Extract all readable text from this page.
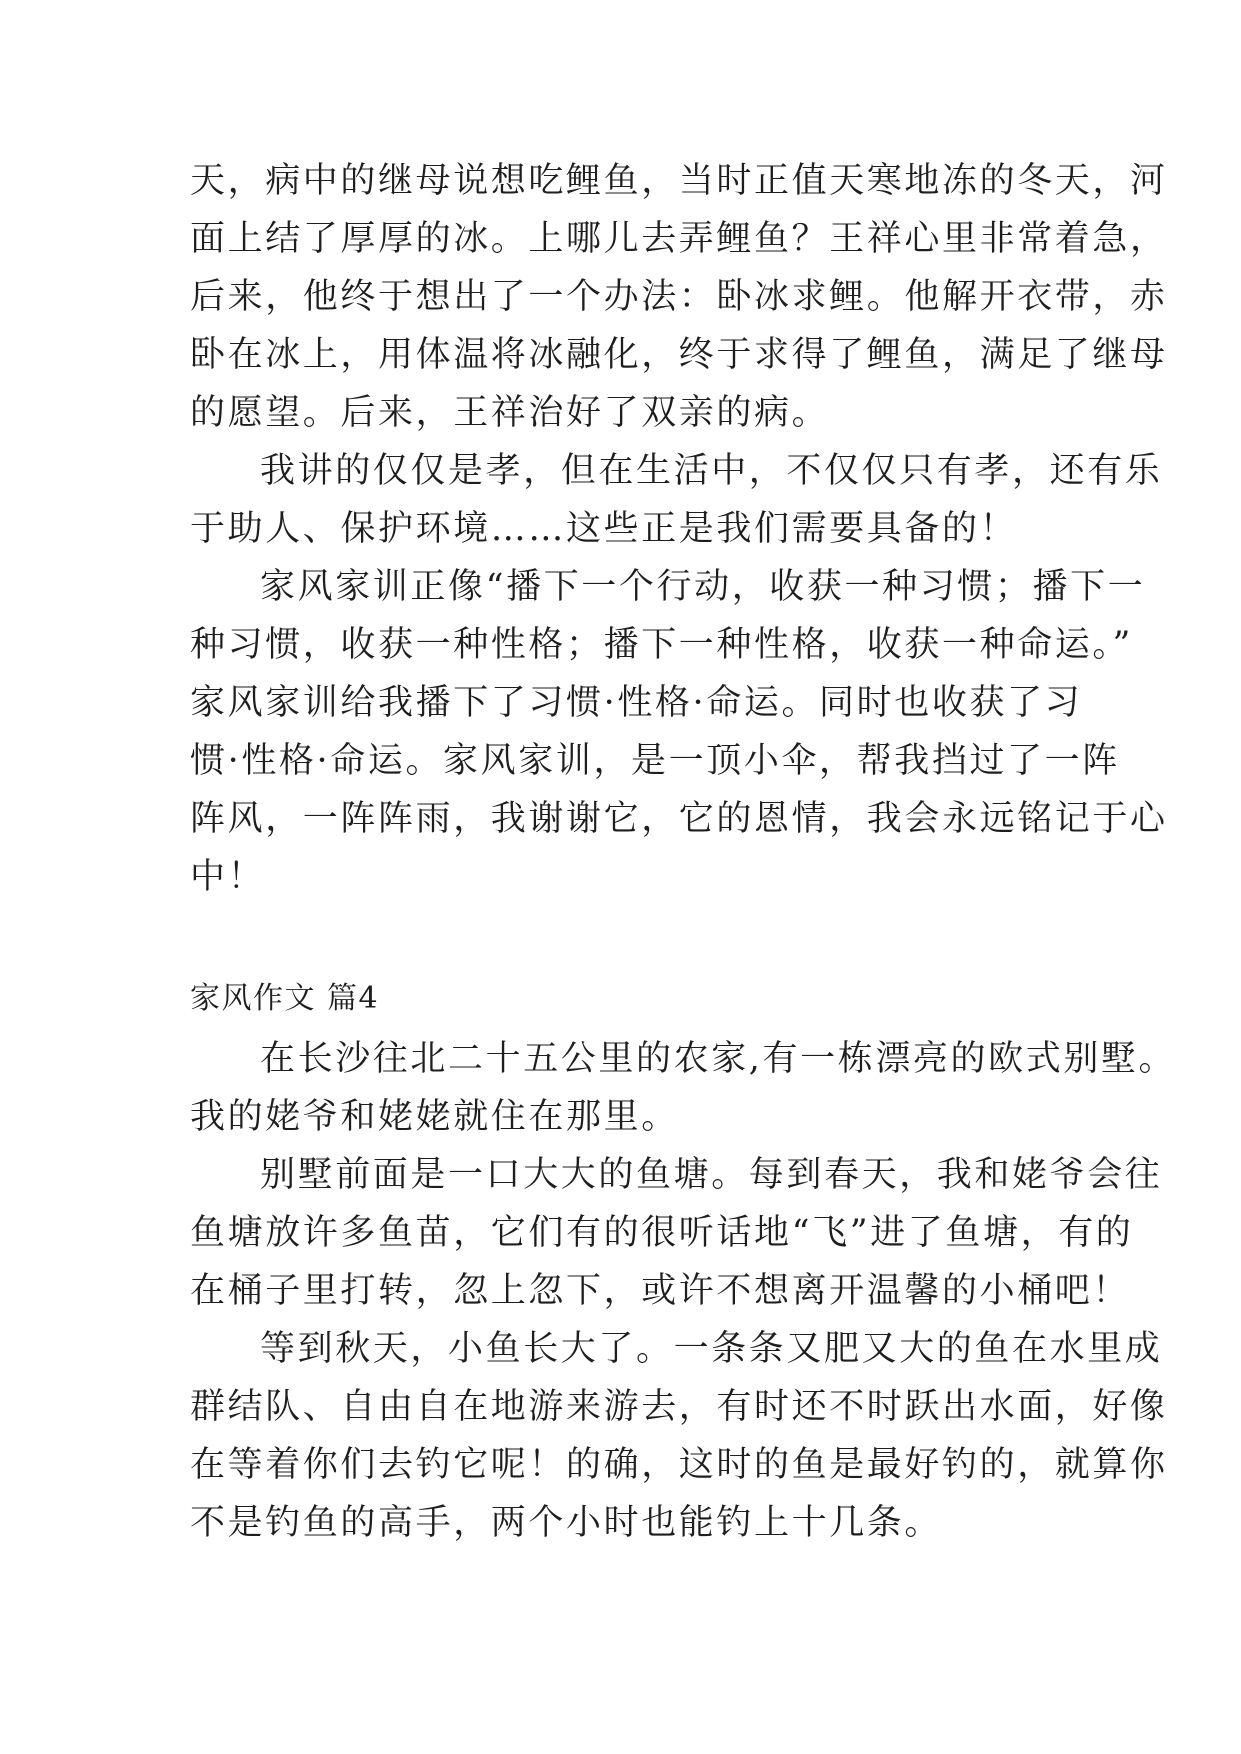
天，病中的继母说想吃鲤鱼，当时正值天寒地冻的冬天，河
面上结了厚厚的冰。上哪儿去弄鲤鱼？王祥心里非常着急，
后来，他终于想出了一个办法：卧冰求鲤。他解开衣带，赤
卧在冰上，用体温将冰融化，终于求得了鲤鱼，满足了继母
的愿望。后来，王祥治好了双亲的病。
我讲的仅仅是孝，但在生活中，不仅仅只有孝，还有乐
于助人、保护环境……这些正是我们需要具备的！
家风家训正像“播下一个行动，收获一种习惯；播下一
种习惯，收获一种性格；播下一种性格，收获一种命运。”
家风家训给我播下了习惯·性格·命运。同时也收获了习
惯·性格·命运。家风家训，是一顶小伞，帮我挡过了一阵
阵风，一阵阵雨，我谢谢它，它的恩情，我会永远铭记于心
中！
家风作文 篇4
在长沙往北二十五公里的农家,有一栋漂亮的欧式别墅。
我的姥爷和姥姥就住在那里。
别墅前面是一口大大的鱼塘。每到春天，我和姥爷会往
鱼塘放许多鱼苗，它们有的很听话地“飞”进了鱼塘，有的
在桶子里打转，忽上忽下，或许不想离开温馨的小桶吧！
等到秋天，小鱼长大了。一条条又肥又大的鱼在水里成
群结队、自由自在地游来游去，有时还不时跃出水面，好像
在等着你们去钓它呢！的确，这时的鱼是最好钓的，就算你
不是钓鱼的高手，两个小时也能钓上十几条。
